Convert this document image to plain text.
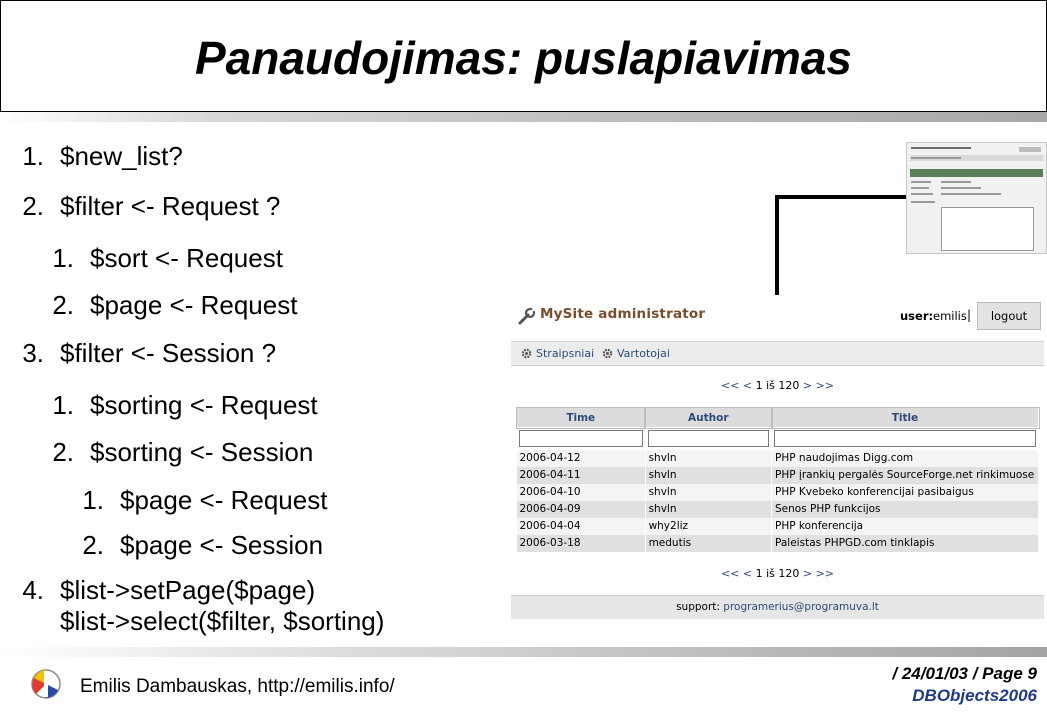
Panaudojimas: puslapiavimas
1. $new_list?
2. $filter <- Request ?
1. $sort <- Request
2. $page <- Request
3. $filter <- Session ?
1. $sorting <- Request
2. $sorting <- Session
1. $page <- Request
2. $page <- Session
4. $list->setPage($page)
$list->select($filter, $sorting)
MySite administrator	user: emilis |	logout
Straipsniai Vartotojai
<< < 1 iš 120 > >>
Time	Author	Title

2006-04-12	shvln	PHP naudojimas Digg.com
2006-04-11	shvln	PHP įrankių pergalės SourceForge.net rinkimuose
2006-04-10	shvln	PHP Kvebeko konferencijai pasibaigus
2006-04-09	shvln	Senos PHP funkcijos
2006-04-04	why2liz	PHP konferencija
2006-03-18	medutis	Paleistas PHPGD.com tinklapis
<< < 1 iš 120 > >>
support: programerius@programuva.lt
Emilis Dambauskas, http://emilis.info/
/ 24/01/03 / Page 9
DBObjects2006
